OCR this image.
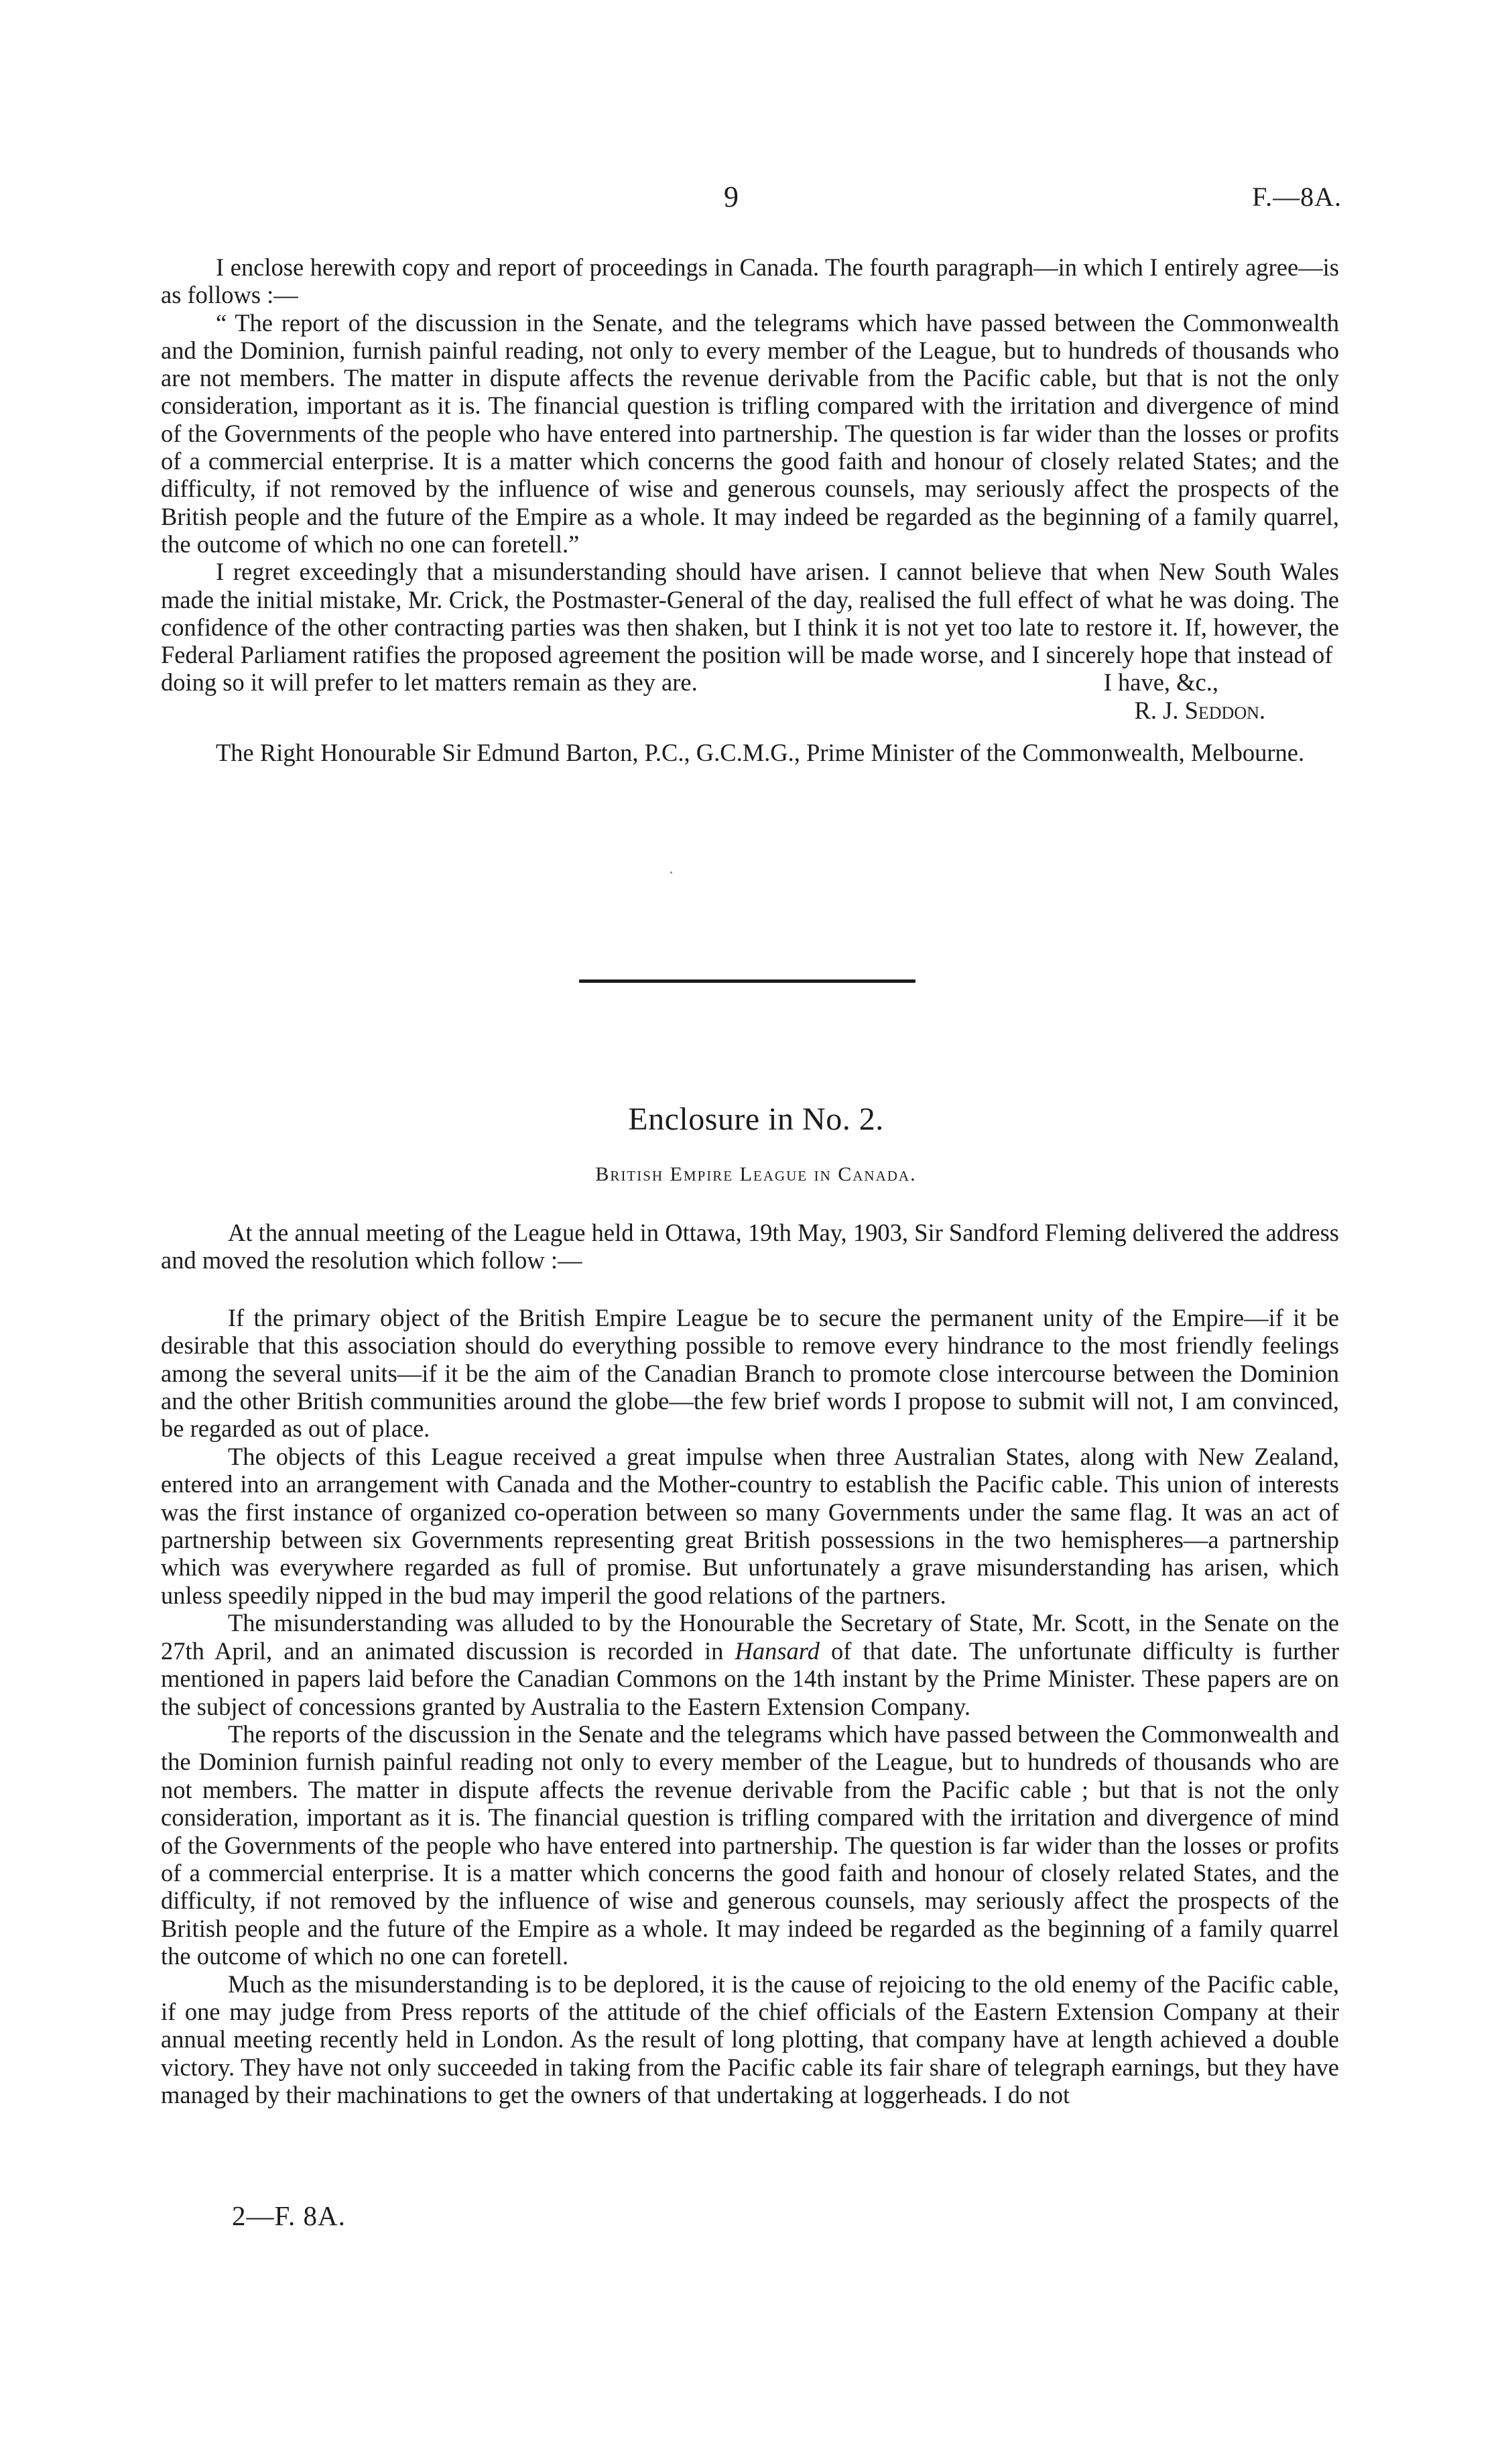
9	F.—8A.

I enclose herewith copy and report of proceedings in Canada. The fourth paragraph—in which I entirely agree—is as follows :—

“ The report of the discussion in the Senate, and the telegrams which have passed between the Commonwealth and the Dominion, furnish painful reading, not only to every member of the League, but to hundreds of thousands who are not members. The matter in dispute affects the revenue derivable from the Pacific cable, but that is not the only consideration, important as it is. The financial question is trifling compared with the irritation and divergence of mind of the Governments of the people who have entered into partnership. The question is far wider than the losses or profits of a commercial enterprise. It is a matter which concerns the good faith and honour of closely related States; and the difficulty, if not removed by the influence of wise and generous counsels, may seriously affect the prospects of the British people and the future of the Empire as a whole. It may indeed be regarded as the beginning of a family quarrel, the outcome of which no one can foretell.”

I regret exceedingly that a misunderstanding should have arisen. I cannot believe that when New South Wales made the initial mistake, Mr. Crick, the Postmaster-General of the day, realised the full effect of what he was doing. The confidence of the other contracting parties was then shaken, but I think it is not yet too late to restore it. If, however, the Federal Parliament ratifies the proposed agreement the position will be made worse, and I sincerely hope that instead of

doing so it will prefer to let matters remain as they are.	I have, &c.,

R. J. Seddon.

The Right Honourable Sir Edmund Barton, P.C., G.C.M.G., Prime Minister of the Commonwealth, Melbourne.

Enclosure in No. 2.
British Empire League in Canada.

At the annual meeting of the League held in Ottawa, 19th May, 1903, Sir Sandford Fleming delivered the address and moved the resolution which follow :—

If the primary object of the British Empire League be to secure the permanent unity of the Empire—if it be desirable that this association should do everything possible to remove every hindrance to the most friendly feelings among the several units—if it be the aim of the Canadian Branch to promote close intercourse between the Dominion and the other British communities around the globe—the few brief words I propose to submit will not, I am convinced, be regarded as out of place.

The objects of this League received a great impulse when three Australian States, along with New Zealand, entered into an arrangement with Canada and the Mother-country to establish the Pacific cable. This union of interests was the first instance of organized co-operation between so many Governments under the same flag. It was an act of partnership between six Governments representing great British possessions in the two hemispheres—a partnership which was everywhere regarded as full of promise. But unfortunately a grave misunderstanding has arisen, which unless speedily nipped in the bud may imperil the good relations of the partners.

The misunderstanding was alluded to by the Honourable the Secretary of State, Mr. Scott, in the Senate on the 27th April, and an animated discussion is recorded in Hansard of that date. The unfortunate difficulty is further mentioned in papers laid before the Canadian Commons on the 14th instant by the Prime Minister. These papers are on the subject of concessions granted by Australia to the Eastern Extension Company.

The reports of the discussion in the Senate and the telegrams which have passed between the Commonwealth and the Dominion furnish painful reading not only to every member of the League, but to hundreds of thousands who are not members. The matter in dispute affects the revenue derivable from the Pacific cable ; but that is not the only consideration, important as it is. The financial question is trifling compared with the irritation and divergence of mind of the Governments of the people who have entered into partnership. The question is far wider than the losses or profits of a commercial enterprise. It is a matter which concerns the good faith and honour of closely related States, and the difficulty, if not removed by the influence of wise and generous counsels, may seriously affect the prospects of the British people and the future of the Empire as a whole. It may indeed be regarded as the beginning of a family quarrel the outcome of which no one can foretell.

Much as the misunderstanding is to be deplored, it is the cause of rejoicing to the old enemy of the Pacific cable, if one may judge from Press reports of the attitude of the chief officials of the Eastern Extension Company at their annual meeting recently held in London. As the result of long plotting, that company have at length achieved a double victory. They have not only succeeded in taking from the Pacific cable its fair share of telegraph earnings, but they have managed by their machinations to get the owners of that undertaking at loggerheads. I do not

2—F. 8A.
